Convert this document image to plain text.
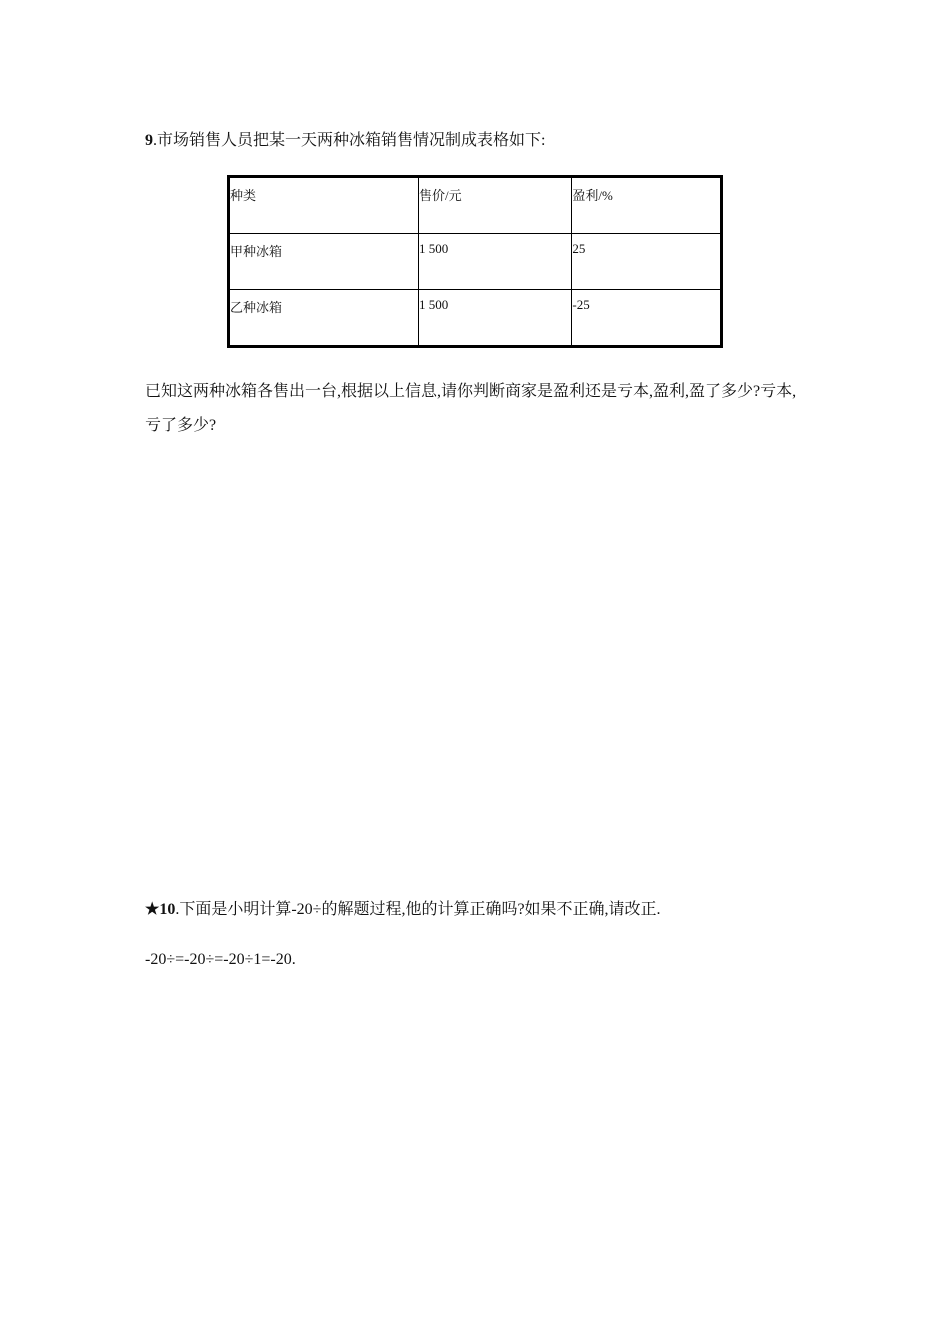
9.市场销售人员把某一天两种冰箱销售情况制成表格如下:
种类	售价/元	盈利/%
甲种冰箱	1 500	25
乙种冰箱	1 500	-25
已知这两种冰箱各售出一台,根据以上信息,请你判断商家是盈利还是亏本,盈利,盈了多少?亏本,亏了多少?
★10.下面是小明计算-20÷的解题过程,他的计算正确吗?如果不正确,请改正.
-20÷=-20÷=-20÷1=-20.
